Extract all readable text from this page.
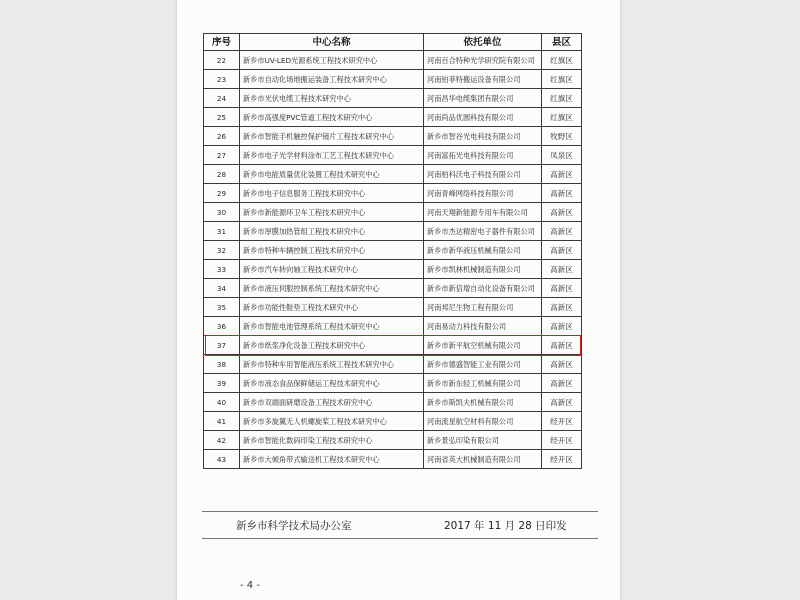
序号	中心名称	依托单位	县区
22	新乡市UV-LED光源系统工程技术研究中心	河南百合特种光学研究院有限公司	红旗区
23	新乡市自动化场地搬运装备工程技术研究中心	河南铂菲特搬运设备有限公司	红旗区
24	新乡市光伏电缆工程技术研究中心	河南昌华电缆集团有限公司	红旗区
25	新乡市高强度PVC管道工程技术研究中心	河南尚品优圆科技有限公司	红旗区
26	新乡市智能手机触控保护镜片工程技术研究中心	新乡市智谷光电科技有限公司	牧野区
27	新乡市电子光学材料涂布工艺工程技术研究中心	河南富拓光电科技有限公司	凤泉区
28	新乡市电能质量优化装置工程技术研究中心	河南柏科沃电子科技有限公司	高新区
29	新乡市电子信息服务工程技术研究中心	河南青峰网络科技有限公司	高新区
30	新乡市新能源环卫车工程技术研究中心	河南天翔新能源专用车有限公司	高新区
31	新乡市厚膜加热管组工程技术研究中心	新乡市杰达精密电子器件有限公司	高新区
32	新乡市特种车辆控制工程技术研究中心	新乡市新华液压机械有限公司	高新区
33	新乡市汽车转向轴工程技术研究中心	新乡市凯林机械制造有限公司	高新区
34	新乡市液压伺服控制系统工程技术研究中心	新乡市新倍增自动化设备有限公司	高新区
35	新乡市功能性鞋垫工程技术研究中心	河南邦尼生物工程有限公司	高新区
36	新乡市智能电池管理系统工程技术研究中心	河南易动力科技有限公司	高新区
37	新乡市纸浆净化设备工程技术研究中心	新乡市新平航空机械有限公司	高新区
38	新乡市特种车用智能液压系统工程技术研究中心	新乡市德盛智能工业有限公司	高新区
39	新乡市液态食品保鲜储运工程技术研究中心	新乡市新东轻工机械有限公司	高新区
40	新乡市双端面研磨设备工程技术研究中心	新乡市斯凯夫机械有限公司	高新区
41	新乡市多旋翼无人机螺旋桨工程技术研究中心	河南流星航空材料有限公司	经开区
42	新乡市智能化数码印染工程技术研究中心	新乡景弘印染有限公司	经开区
43	新乡市大倾角带式输送机工程技术研究中心	河南省英大机械制造有限公司	经开区
新乡市科学技术局办公室	2017 年 11 月 28 日印发
- 4 -
